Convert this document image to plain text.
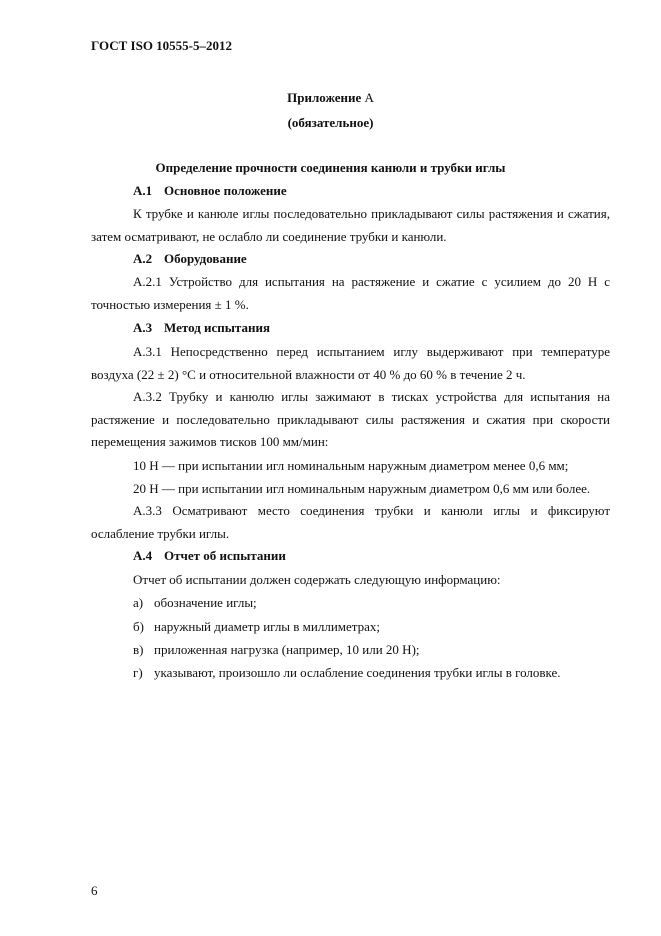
ГОСТ ISO 10555-5–2012
Приложение А
(обязательное)
Определение прочности соединения канюли и трубки иглы
А.1 Основное положение
К трубке и канюле иглы последовательно прикладывают силы растяжения и сжатия, затем осматривают, не ослабло ли соединение трубки и канюли.
А.2 Оборудование
А.2.1 Устройство для испытания на растяжение и сжатие с усилием до 20 Н с точностью измерения ± 1 %.
А.3 Метод испытания
А.3.1 Непосредственно перед испытанием иглу выдерживают при температуре воздуха (22 ± 2) °С и относительной влажности от 40 % до 60 % в течение 2 ч.
А.3.2 Трубку и канюлю иглы зажимают в тисках устройства для испытания на растяжение и последовательно прикладывают силы растяжения и сжатия при скорости перемещения зажимов тисков 100 мм/мин:
10 Н — при испытании игл номинальным наружным диаметром менее 0,6 мм;
20 Н — при испытании игл номинальным наружным диаметром 0,6 мм или более.
А.3.3 Осматривают место соединения трубки и канюли иглы и фиксируют ослабление трубки иглы.
А.4 Отчет об испытании
Отчет об испытании должен содержать следующую информацию:
а) обозначение иглы;
б) наружный диаметр иглы в миллиметрах;
в) приложенная нагрузка (например, 10 или 20 Н);
г) указывают, произошло ли ослабление соединения трубки иглы в головке.
6
